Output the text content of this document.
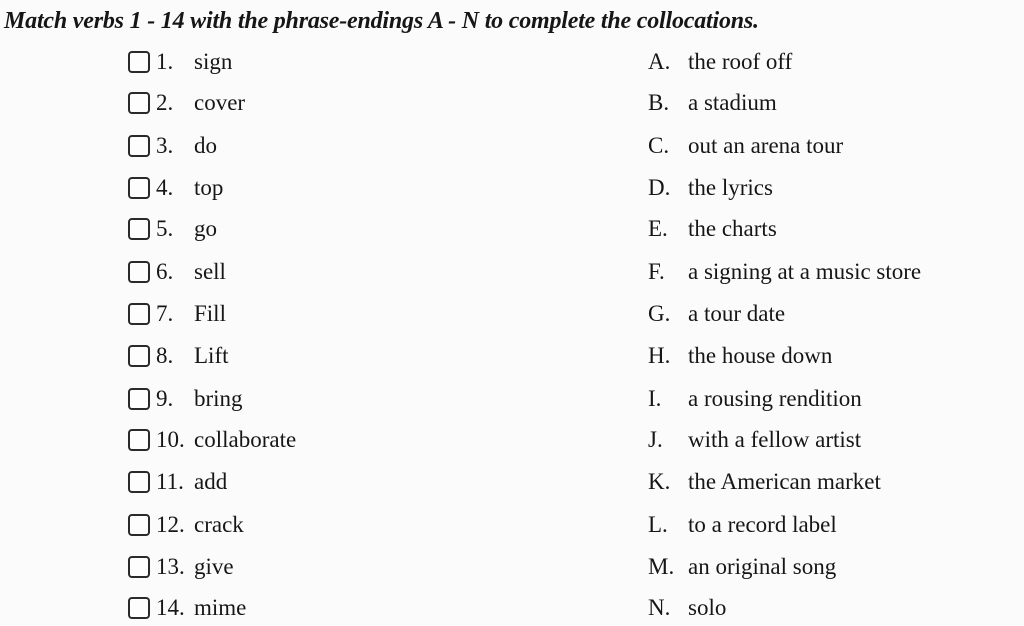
Match verbs 1 - 14 with the phrase-endings A - N to complete the collocations.
1. sign
2. cover
3. do
4. top
5. go
6. sell
7. Fill
8. Lift
9. bring
10. collaborate
11. add
12. crack
13. give
14. mime
A. the roof off
B. a stadium
C. out an arena tour
D. the lyrics
E. the charts
F.	a signing at a music store
G. a tour date
H. the house down
I.	a rousing rendition
J.	with a fellow artist
K. the American market
L. to a record label
M. an original song
N. solo
